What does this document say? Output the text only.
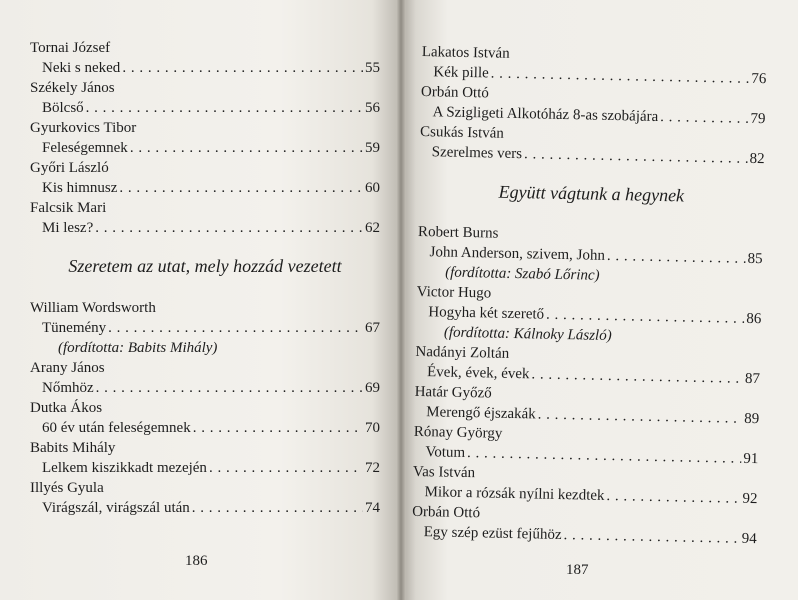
Tornai József
Neki s neked . . .	55
Székely János
Bölcső . . .	56
Gyurkovics Tibor
Feleségemnek . . .	59
Győri László
Kis himnusz . . .	60
Falcsik Mari
Mi lesz? . . .	62
Szeretem az utat, mely hozzád vezetett
William Wordsworth
Tünemény . . .	67
(fordította: Babits Mihály)
Arany János
Nőmhöz . . .	69
Dutka Ákos
60 év után feleségemnek . . .	70
Babits Mihály
Lelkem kiszikkadt mezején . . .	72
Illyés Gyula
Virágszál, virágszál után . . .	74
186
Lakatos István
Kék pille . . .	76
Orbán Ottó
A Szigligeti Alkotóház 8-as szobájára . . .	79
Csukás István
Szerelmes vers . . .	82
Együtt vágtunk a hegynek
Robert Burns
John Anderson, szivem, John . . .	85
(fordította: Szabó Lőrinc)
Victor Hugo
Hogyha két szerető . . .	86
(fordította: Kálnoky László)
Nadányi Zoltán
Évek, évek, évek . . .	87
Határ Győző
Merengő éjszakák . . .	89
Rónay György
Votum . . .	91
Vas István
Mikor a rózsák nyílni kezdtek . . .	92
Orbán Ottó
Egy szép ezüst fejűhöz . . .	94
187
